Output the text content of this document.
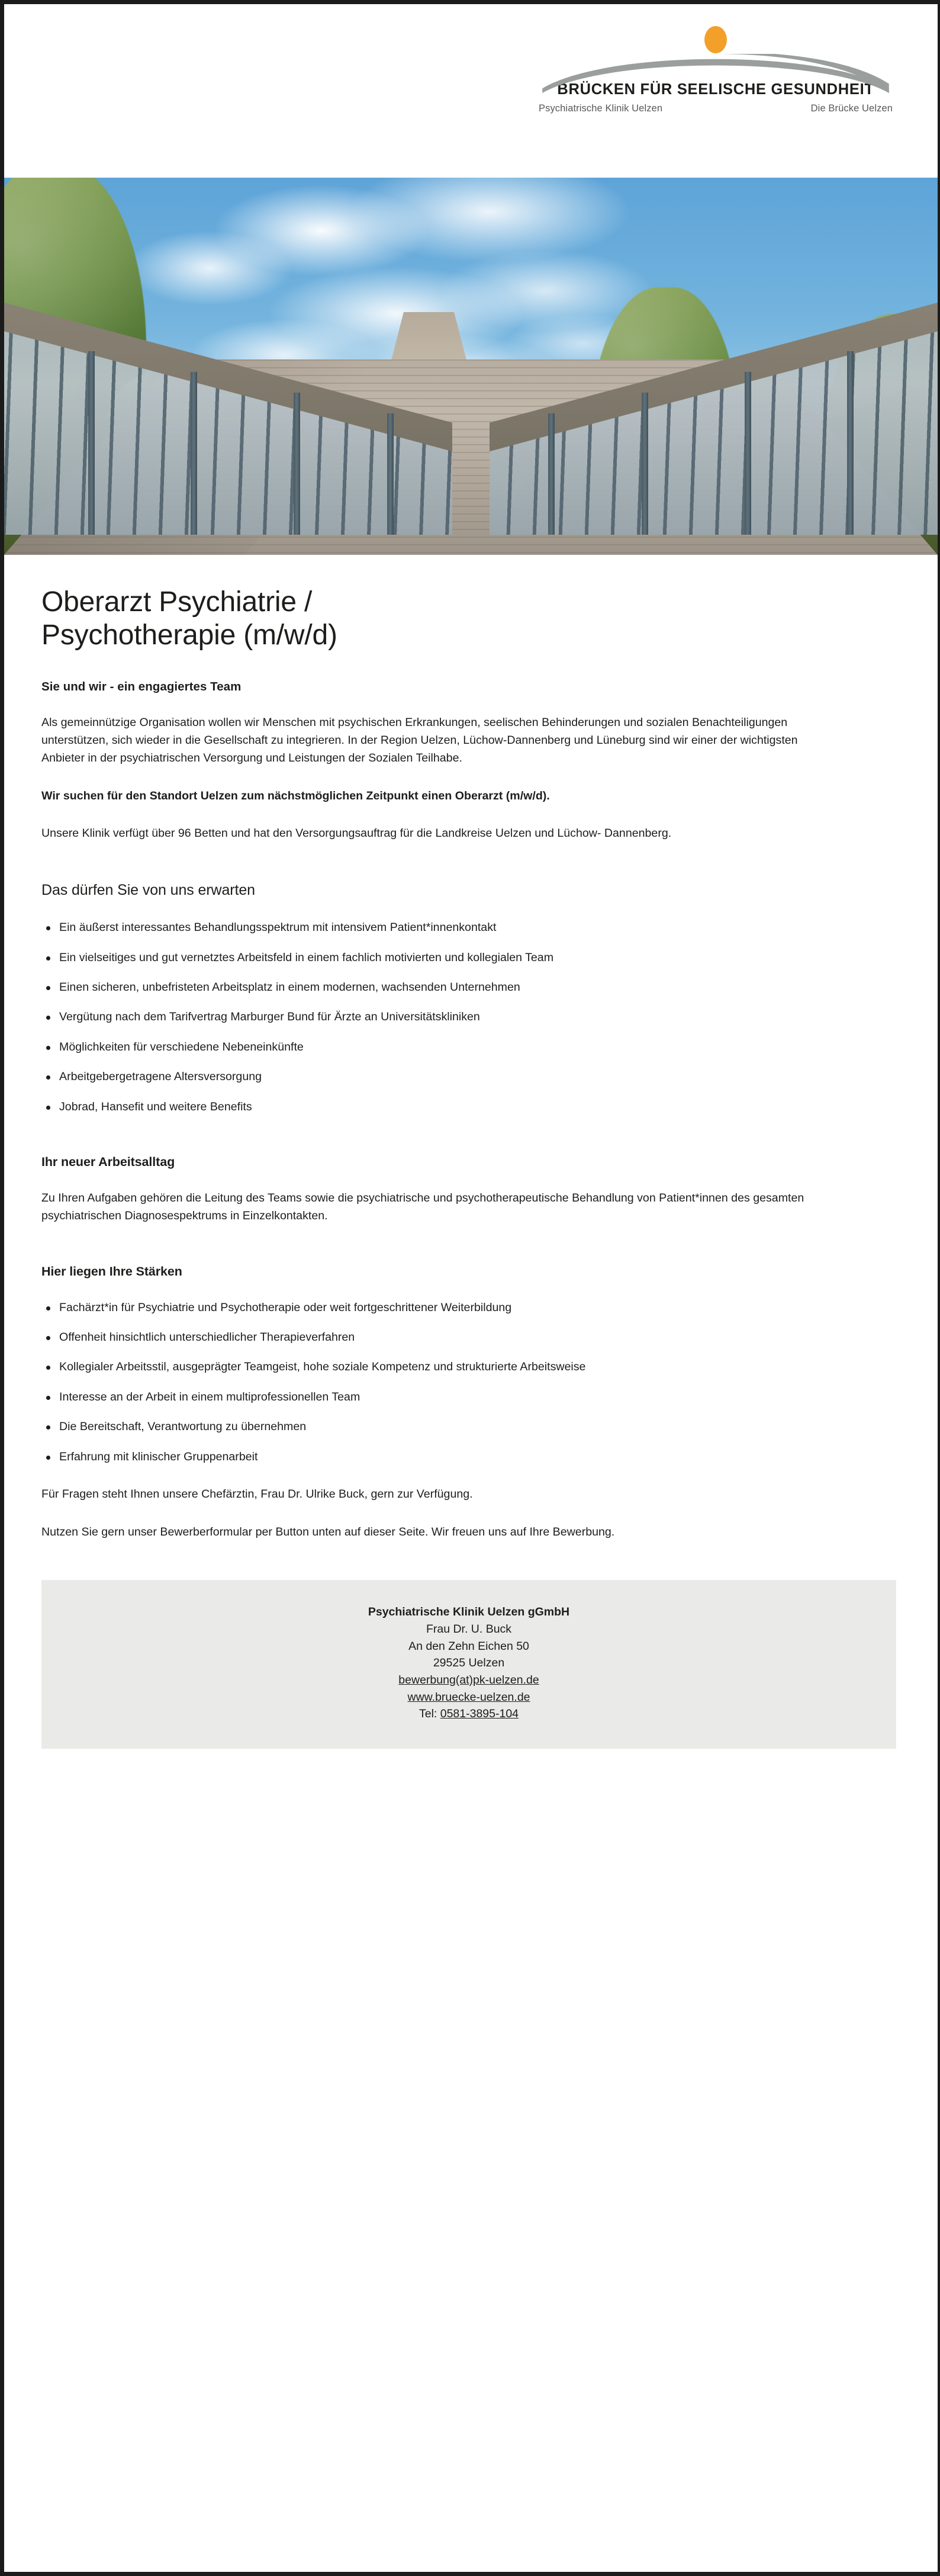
BRÜCKEN FÜR SEELISCHE GESUNDHEIT
Psychiatrische Klinik Uelzen	Die Brücke Uelzen
Oberarzt Psychiatrie / Psychotherapie (m/w/d)
Sie und wir - ein engagiertes Team

Als gemeinnützige Organisation wollen wir Menschen mit psychischen Erkrankungen, seelischen Behinderungen und sozialen Benachteiligungen unterstützen, sich wieder in die Gesellschaft zu integrieren. In der Region Uelzen, Lüchow-Dannenberg und Lüneburg sind wir einer der wichtigsten Anbieter in der psychiatrischen Versorgung und Leistungen der Sozialen Teilhabe.

Wir suchen für den Standort Uelzen zum nächstmöglichen Zeitpunkt einen Oberarzt (m/w/d).

Unsere Klinik verfügt über 96 Betten und hat den Versorgungsauftrag für die Landkreise Uelzen und Lüchow- Dannenberg.

Das dürfen Sie von uns erwarten
Ein äußerst interessantes Behandlungsspektrum mit intensivem Patient*innenkontakt
Ein vielseitiges und gut vernetztes Arbeitsfeld in einem fachlich motivierten und kollegialen Team
Einen sicheren, unbefristeten Arbeitsplatz in einem modernen, wachsenden Unternehmen
Vergütung nach dem Tarifvertrag Marburger Bund für Ärzte an Universitätskliniken
Möglichkeiten für verschiedene Nebeneinkünfte
Arbeitgebergetragene Altersversorgung
Jobrad, Hansefit und weitere Benefits
Ihr neuer Arbeitsalltag

Zu Ihren Aufgaben gehören die Leitung des Teams sowie die psychiatrische und psychotherapeutische Behandlung von Patient*innen des gesamten psychiatrischen Diagnosespektrums in Einzelkontakten.

Hier liegen Ihre Stärken
Fachärzt*in für Psychiatrie und Psychotherapie oder weit fortgeschrittener Weiterbildung
Offenheit hinsichtlich unterschiedlicher Therapieverfahren
Kollegialer Arbeitsstil, ausgeprägter Teamgeist, hohe soziale Kompetenz und strukturierte Arbeitsweise
Interesse an der Arbeit in einem multiprofessionellen Team
Die Bereitschaft, Verantwortung zu übernehmen
Erfahrung mit klinischer Gruppenarbeit

Für Fragen steht Ihnen unsere Chefärztin, Frau Dr. Ulrike Buck, gern zur Verfügung.

Nutzen Sie gern unser Bewerberformular per Button unten auf dieser Seite. Wir freuen uns auf Ihre Bewerbung.

Psychiatrische Klinik Uelzen gGmbH
Frau Dr. U. Buck
An den Zehn Eichen 50
29525 Uelzen
bewerbung(at)pk-uelzen.de
www.bruecke-uelzen.de
Tel: 0581-3895-104
